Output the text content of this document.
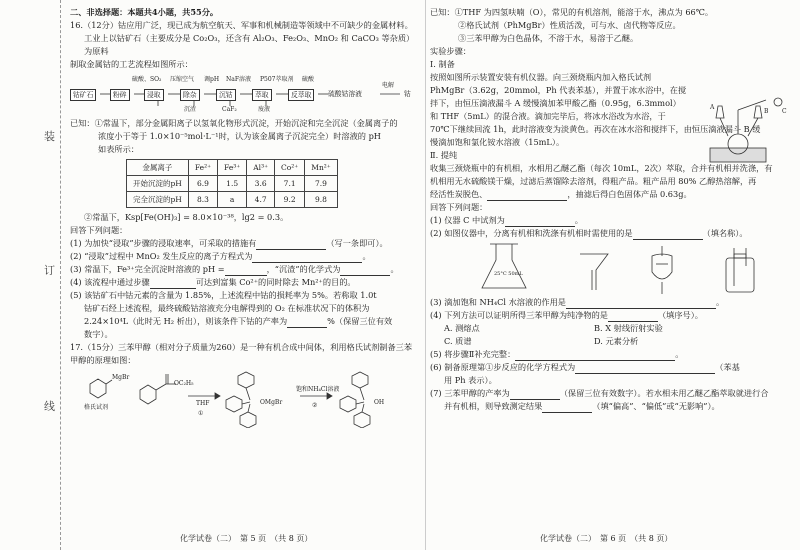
装
订
线

二、非选择题：本题共4小题，共55分。

16.（12分）钴应用广泛，现已成为航空航天、军事和机械制造等领域中不可缺少的金属材料。

工业上以钴矿石（主要成分是 Co₂O₃，还含有 Al₂O₃、Fe₂O₃、MnO₂ 和 CaCO₃ 等杂质）为原料

制取金属钴的工艺流程如图所示：

钴矿石	粉碎	浸取	除杂	沉钴	萃取	反萃取	硫酸钴溶液	钴
硫酸、SO₂ 压缩空气 调pH NaF溶液 P507萃取剂 硫酸
电解
沉渣	CaF₂	废液

已知：①常温下，部分金属阳离子以氢氧化物形式沉淀，开始沉淀和完全沉淀（金属离子的

浓度小于等于 1.0×10⁻⁵mol·L⁻¹时，认为该金属离子沉淀完全）时溶液的 pH

如表所示：

金属离子	Fe²⁺	Fe³⁺	Al³⁺	Co²⁺	Mn²⁺
开始沉淀的pH	6.9	1.5	3.6	7.1	7.9
完全沉淀的pH	8.3	a	4.7	9.2	9.8

②常温下，Ksp[Fe(OH)₃] = 8.0×10⁻³⁸，lg2 = 0.3。

回答下列问题：

(1) 为加快“浸取”步骤的浸取速率，可采取的措施有	（写一条即可）。

(2) “浸取”过程中 MnO₂ 发生反应的离子方程式为	。

(3) 常温下，Fe³⁺完全沉淀时溶液的 pH =	，“沉渣”的化学式为	。

(4) 该流程中通过步骤	可达到富集 Co²⁺的同时除去 Mn²⁺的目的。

(5) 该钴矿石中钴元素的含量为 1.85%，上述流程中钴的损耗率为 5%。若称取 1.0t

钴矿石经上述流程，最终硫酸钴溶液充分电解得到的 O₂ 在标准状况下的体积为

2.24×10⁴L（此时无 H₂ 析出），则该条件下钴的产率为	%（保留三位有效

数字）。

17.（15分）三苯甲醇（相对分子质量为260）是一种有机合成中间体，利用格氏试剂制备三苯

甲醇的原理如图：

MgBr
OC₂H₅
格氏试剂
THF
①
OMgBr
饱和NH₄Cl溶液
②	OH
化学试卷（二）　第 5 页　（共 8 页）

已知：①THF 为四氢呋喃（O），常见的有机溶剂，能溶于水，沸点为 66℃。

②格氏试剂（PhMgBr）性质活泼，可与水、卤代物等反应。

③三苯甲醇为白色晶体，不溶于水，易溶于乙醚。

实验步骤：

Ⅰ. 制备

按照如图所示装置安装有机仪器。向三颈烧瓶内加入格氏试剂

PhMgBr（3.62g，20mmol，Ph 代表苯基），并置于冰水浴中，在搅

拌下，由恒压滴液漏斗 A 缓慢滴加苯甲酸乙酯（0.95g，6.3mmol）

和 THF（5mL）的混合液。滴加完毕后，将冰水浴改为水浴，于

70℃下继续回流 1h，此时溶液变为淡黄色。再次在冰水浴和搅拌下，由恒压滴液漏斗 B 缓

慢滴加饱和氯化铵水溶液（15mL）。

Ⅱ. 提纯

收集三颈烧瓶中的有机相，水相用乙醚乙酯（每次 10mL，2次）萃取，合并有机相并洗涤，有

机相用无水硫酸镁干燥，过滤后蒸馏除去溶剂，得粗产品。粗产品用 80% 乙醇热溶解，再

经活性炭脱色、	，抽滤后得白色固体产品 0.63g。

回答下列问题：

(1) 仪器 C 中试剂为	。

(2) 如图仪器中，分离有机相和洗涤有机相时需使用的是	（填名称）。

25°C 50mL

(3) 滴加饱和 NH₄Cl 水溶液的作用是	。

(4) 下列方法可以证明所得三苯甲醇为纯净物的是	（填序号）。

A. 测熔点	B. X 射线衍射实验

C. 质谱	D. 元素分析

(5) 将步骤Ⅱ补充完整：	。

(6) 制备原理第①步反应的化学方程式为	（苯基

用 Ph 表示）。

(7) 三苯甲醇的产率为	（保留三位有效数字）。若水相未用乙醚乙酯萃取就进行合

并有机相，则导致测定结果	（填“偏高”、“偏低”或“无影响”）。

A
B C
化学试卷（二）　第 6 页　（共 8 页）
